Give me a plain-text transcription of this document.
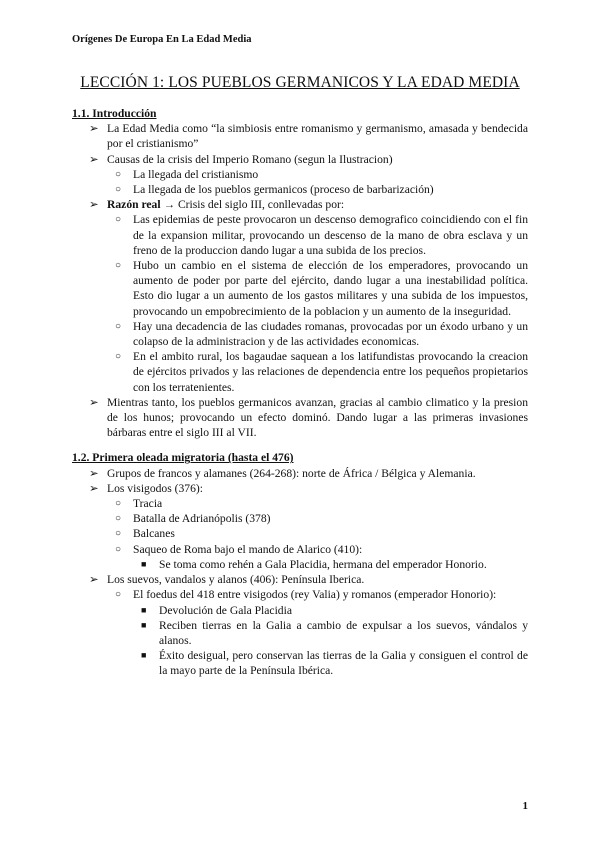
Orígenes De Europa En La Edad Media
LECCIÓN 1: LOS PUEBLOS GERMANICOS Y LA EDAD MEDIA

1.1. Introducción

➢ La Edad Media como “la simbiosis entre romanismo y germanismo, amasada y bendecida por el cristianismo”
➢ Causas de la crisis del Imperio Romano (segun la Ilustracion)
○ La llegada del cristianismo
○ La llegada de los pueblos germanicos (proceso de barbarización)
➢ Razón real → Crisis del siglo III, conllevadas por:
○ Las epidemias de peste provocaron un descenso demografico coincidiendo con el fin de la expansion militar, provocando un descenso de la mano de obra esclava y un freno de la produccion dando lugar a una subida de los precios.
○ Hubo un cambio en el sistema de elección de los emperadores, provocando un aumento de poder por parte del ejército, dando lugar a una inestabilidad política. Esto dio lugar a un aumento de los gastos militares y una subida de los impuestos, provocando un empobrecimiento de la poblacion y un aumento de la inseguridad.
○ Hay una decadencia de las ciudades romanas, provocadas por un éxodo urbano y un colapso de la administracion y de las actividades economicas.
○ En el ambito rural, los bagaudae saquean a los latifundistas provocando la creacion de ejércitos privados y las relaciones de dependencia entre los pequeños propietarios con los terratenientes.
➢ Mientras tanto, los pueblos germanicos avanzan, gracias al cambio climatico y la presion de los hunos; provocando un efecto dominó. Dando lugar a las primeras invasiones bárbaras entre el siglo III al VII.

1.2. Primera oleada migratoria (hasta el 476)

➢ Grupos de francos y alamanes (264-268): norte de África / Bélgica y Alemania.
➢ Los visigodos (376):
○ Tracia
○ Batalla de Adrianópolis (378)
○ Balcanes
○ Saqueo de Roma bajo el mando de Alarico (410):
■ Se toma como rehén a Gala Placidia, hermana del emperador Honorio.
➢ Los suevos, vandalos y alanos (406): Península Iberica.
○ El foedus del 418 entre visigodos (rey Valia) y romanos (emperador Honorio):
■ Devolución de Gala Placidia
■ Reciben tierras en la Galia a cambio de expulsar a los suevos, vándalos y alanos.
■ Éxito desigual, pero conservan las tierras de la Galia y consiguen el control de la mayo parte de la Península Ibérica.
1
